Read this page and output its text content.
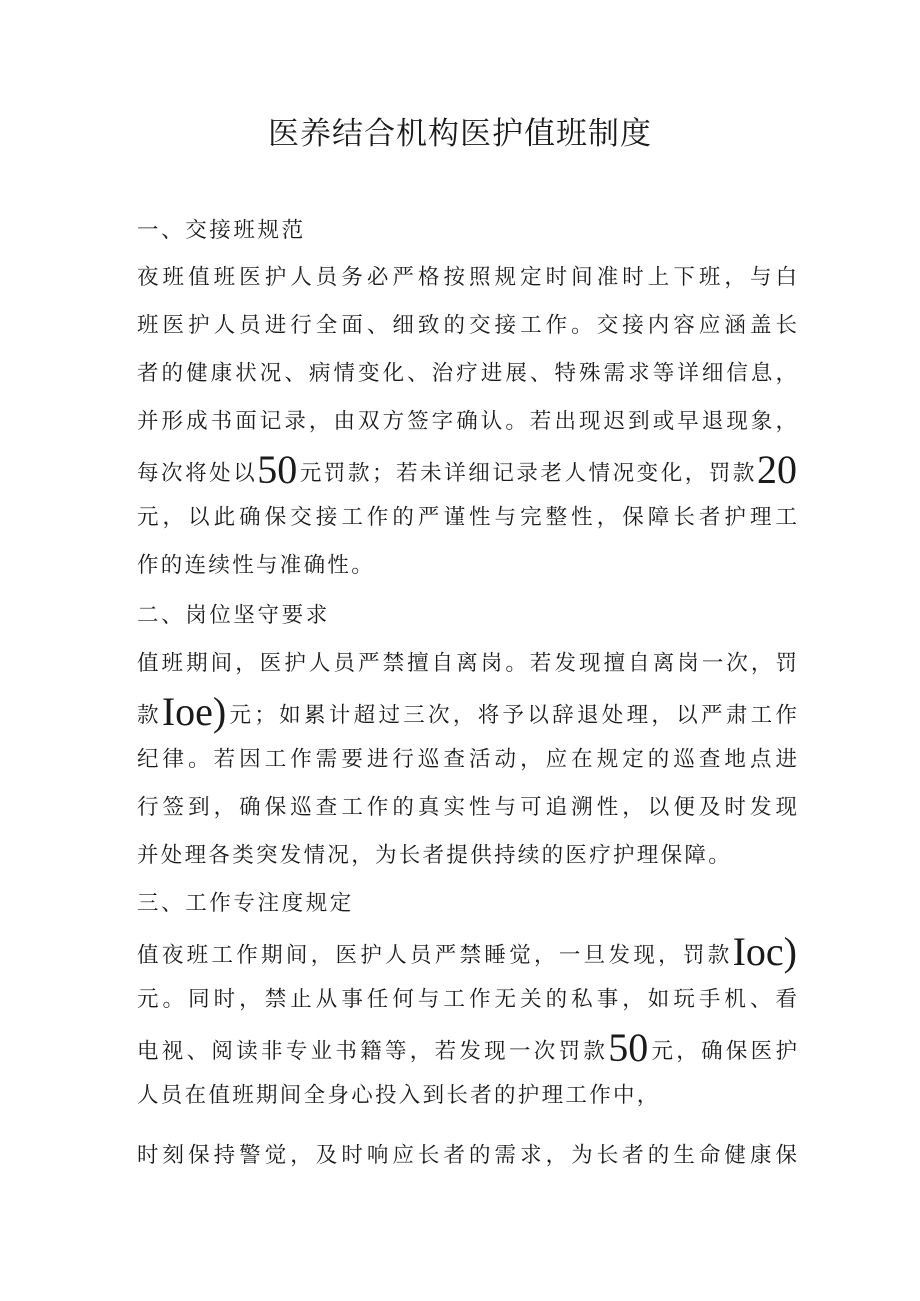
医养结合机构医护值班制度

一、交接班规范

夜班值班医护人员务必严格按照规定时间准时上下班，与白

班医护人员进行全面、细致的交接工作。交接内容应涵盖长

者的健康状况、病情变化、治疗进展、特殊需求等详细信息，

并形成书面记录，由双方签字确认。若出现迟到或早退现象，

每次将处以50元罚款；若未详细记录老人情况变化，罚款20

元，以此确保交接工作的严谨性与完整性，保障长者护理工

作的连续性与准确性。

二、岗位坚守要求

值班期间，医护人员严禁擅自离岗。若发现擅自离岗一次，罚

款Ioe)元；如累计超过三次，将予以辞退处理，以严肃工作

纪律。若因工作需要进行巡查活动，应在规定的巡查地点进

行签到，确保巡查工作的真实性与可追溯性，以便及时发现

并处理各类突发情况，为长者提供持续的医疗护理保障。

三、工作专注度规定

值夜班工作期间，医护人员严禁睡觉，一旦发现，罚款Ioc)

元。同时，禁止从事任何与工作无关的私事，如玩手机、看

电视、阅读非专业书籍等，若发现一次罚款50元，确保医护

人员在值班期间全身心投入到长者的护理工作中，

时刻保持警觉，及时响应长者的需求，为长者的生命健康保
